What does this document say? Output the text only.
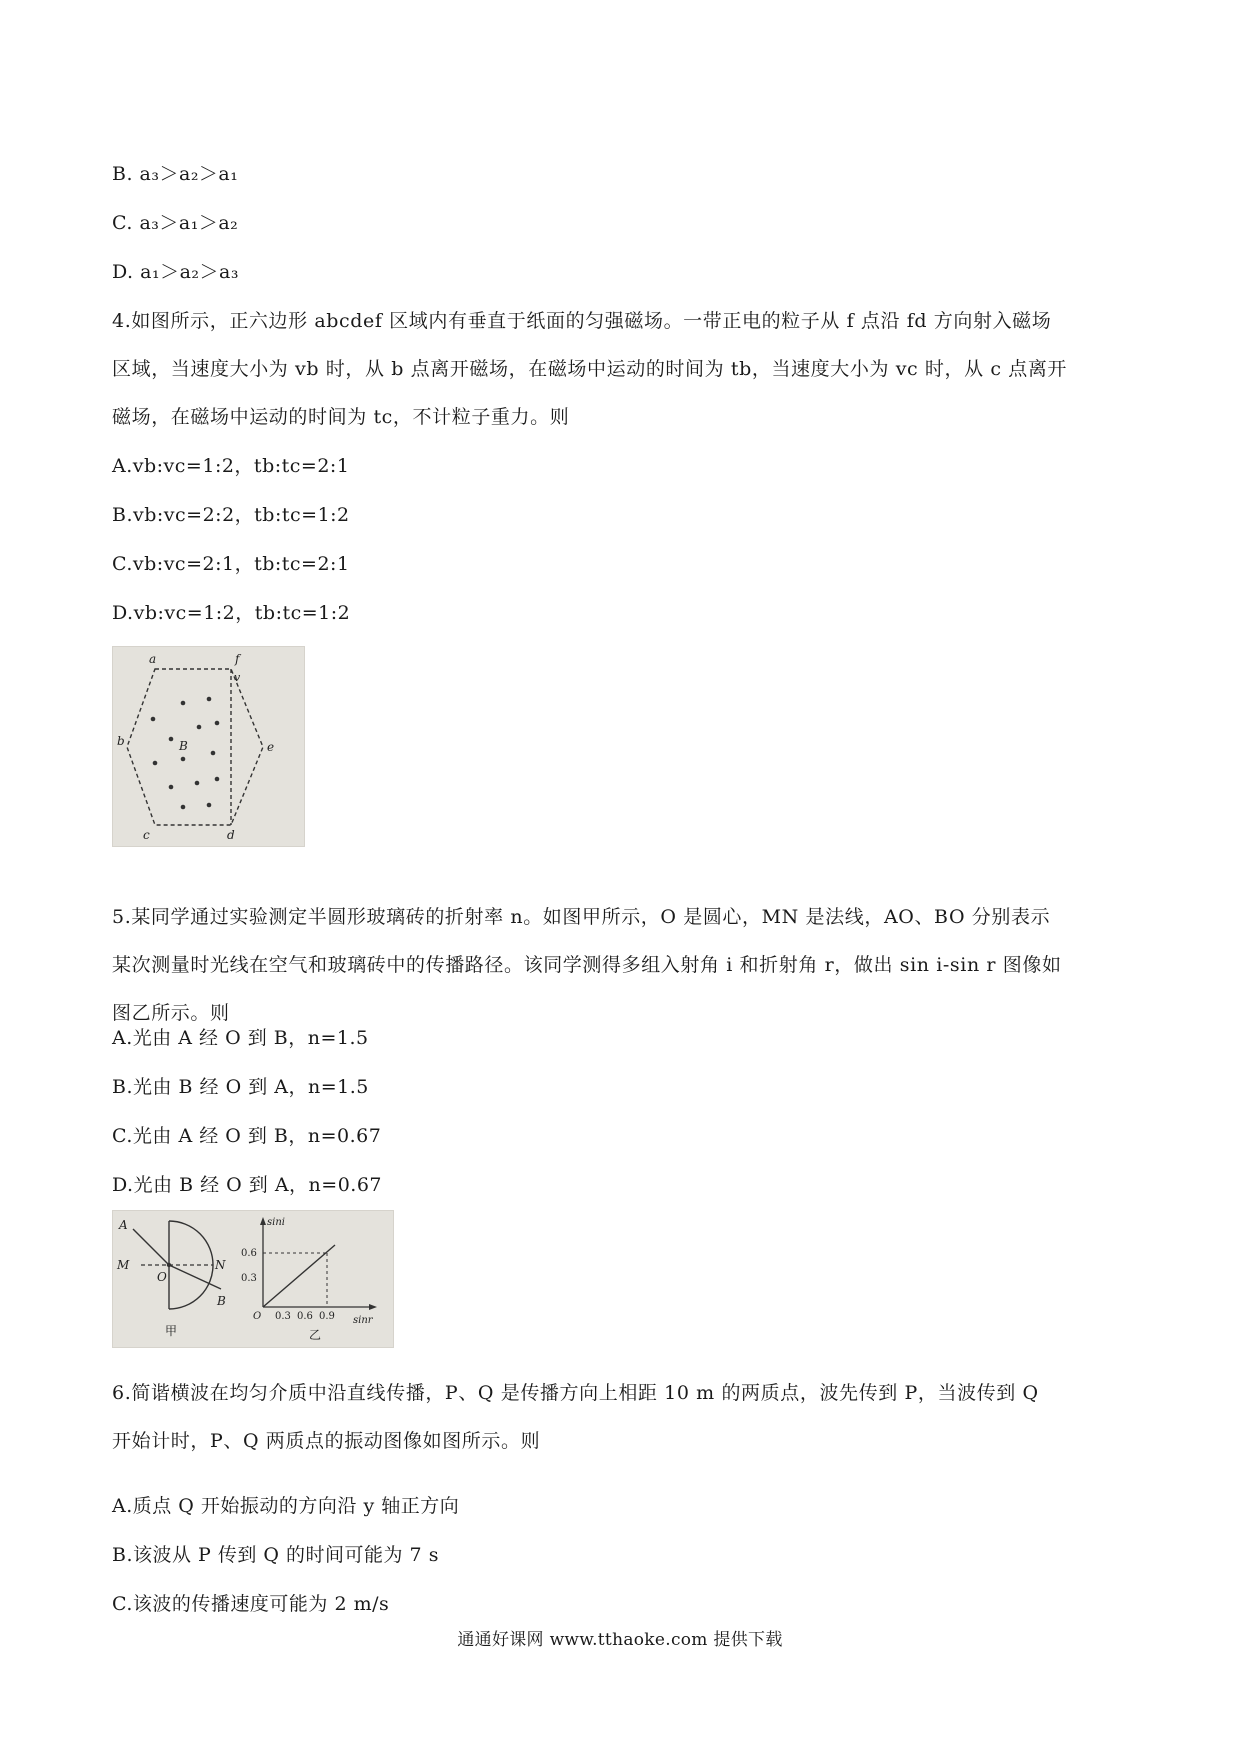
B. a₃＞a₂＞a₁
C. a₃＞a₁＞a₂
D. a₁＞a₂＞a₃
4.如图所示，正六边形 abcdef 区域内有垂直于纸面的匀强磁场。一带正电的粒子从 f 点沿 fd 方向射入磁场
区域，当速度大小为 vb 时，从 b 点离开磁场，在磁场中运动的时间为 tb，当速度大小为 vc 时，从 c 点离开
磁场，在磁场中运动的时间为 tc，不计粒子重力。则
A.vb:vc=1:2，tb:tc=2:1
B.vb:vc=2:2，tb:tc=1:2
C.vb:vc=2:1，tb:tc=2:1
D.vb:vc=1:2，tb:tc=1:2
a	f
v
b	B	e
c	d
5.某同学通过实验测定半圆形玻璃砖的折射率 n。如图甲所示，O 是圆心，MN 是法线，AO、BO 分别表示
某次测量时光线在空气和玻璃砖中的传播路径。该同学测得多组入射角 i 和折射角 r，做出 sin i-sin r 图像如
图乙所示。则
A.光由 A 经 O 到 B，n=1.5
B.光由 B 经 O 到 A，n=1.5
C.光由 A 经 O 到 B，n=0.67
D.光由 B 经 O 到 A，n=0.67
A
M
O
N
B
甲
sini
0.6
0.3
O 0.3 0.6 0.9 sinr
乙
6.简谐横波在均匀介质中沿直线传播，P、Q 是传播方向上相距 10 m 的两质点，波先传到 P，当波传到 Q
开始计时，P、Q 两质点的振动图像如图所示。则
A.质点 Q 开始振动的方向沿 y 轴正方向
B.该波从 P 传到 Q 的时间可能为 7 s
C.该波的传播速度可能为 2 m/s
通通好课网 www.tthaoke.com 提供下载
